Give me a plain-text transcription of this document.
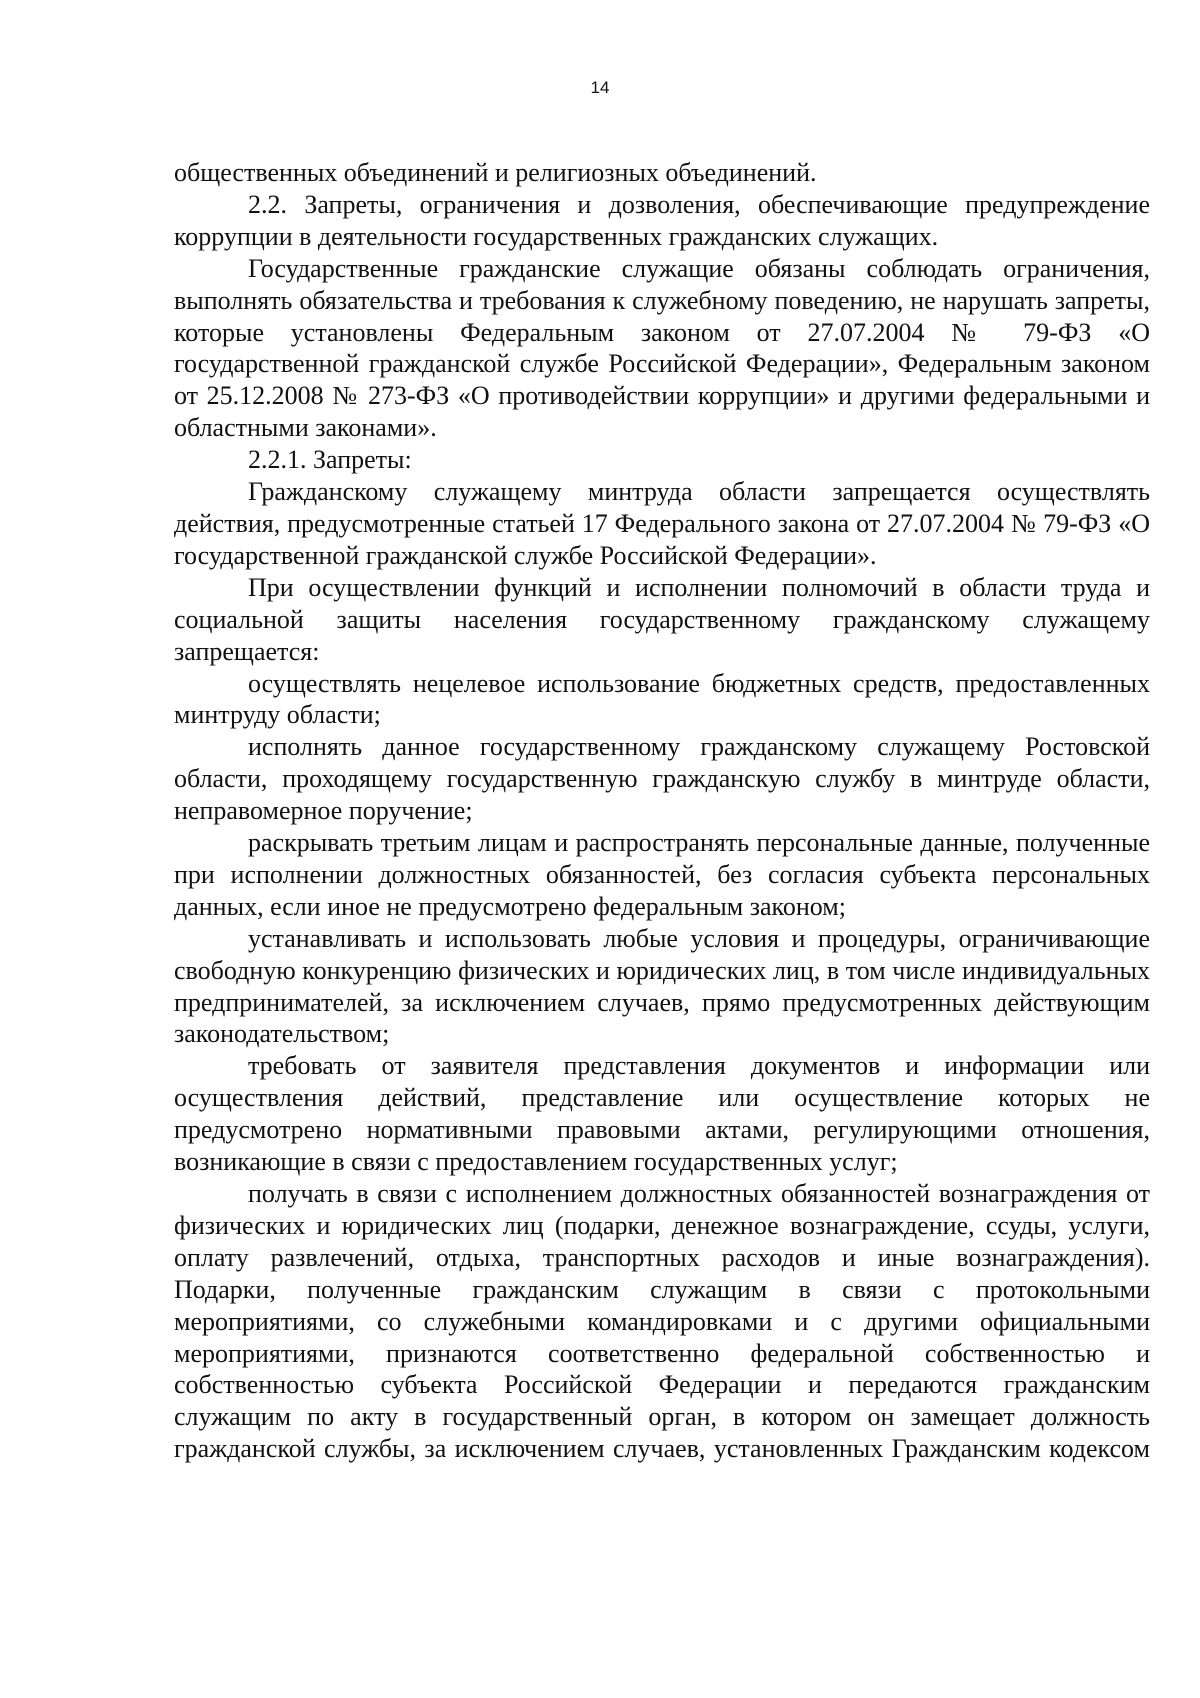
14

общественных объединений и религиозных объединений.

2.2. Запреты, ограничения и дозволения, обеспечивающие предупреждение коррупции в деятельности государственных гражданских служащих.

Государственные гражданские служащие обязаны соблюдать ограничения, выполнять обязательства и требования к служебному поведению, не нарушать запреты, которые установлены Федеральным законом от 27.07.2004 № 79-ФЗ «О государственной гражданской службе Российской Федерации», Федеральным законом от 25.12.2008 № 273-ФЗ «О противодействии коррупции» и другими федеральными и областными законами».

2.2.1. Запреты:

Гражданскому служащему минтруда области запрещается осуществлять действия, предусмотренные статьей 17 Федерального закона от 27.07.2004 № 79-ФЗ «О государственной гражданской службе Российской Федерации».

При осуществлении функций и исполнении полномочий в области труда и социальной защиты населения государственному гражданскому служащему запрещается:

осуществлять нецелевое использование бюджетных средств, предоставленных минтруду области;

исполнять данное государственному гражданскому служащему Ростовской области, проходящему государственную гражданскую службу в минтруде области, неправомерное поручение;

раскрывать третьим лицам и распространять персональные данные, полученные при исполнении должностных обязанностей, без согласия субъекта персональных данных, если иное не предусмотрено федеральным законом;

устанавливать и использовать любые условия и процедуры, ограничивающие свободную конкуренцию физических и юридических лиц, в том числе индивидуальных предпринимателей, за исключением случаев, прямо предусмотренных действующим законодательством;

требовать от заявителя представления документов и информации или осуществления действий, представление или осуществление которых не предусмотрено нормативными правовыми актами, регулирующими отношения, возникающие в связи с предоставлением государственных услуг;

получать в связи с исполнением должностных обязанностей вознаграждения от физических и юридических лиц (подарки, денежное вознаграждение, ссуды, услуги, оплату развлечений, отдыха, транспортных расходов и иные вознаграждения). Подарки, полученные гражданским служащим в связи с протокольными мероприятиями, со служебными командировками и с другими официальными мероприятиями, признаются соответственно федеральной собственностью и собственностью субъекта Российской Федерации и передаются гражданским служащим по акту в государственный орган, в котором он замещает должность гражданской службы, за исключением случаев, установленных Гражданским кодексом
